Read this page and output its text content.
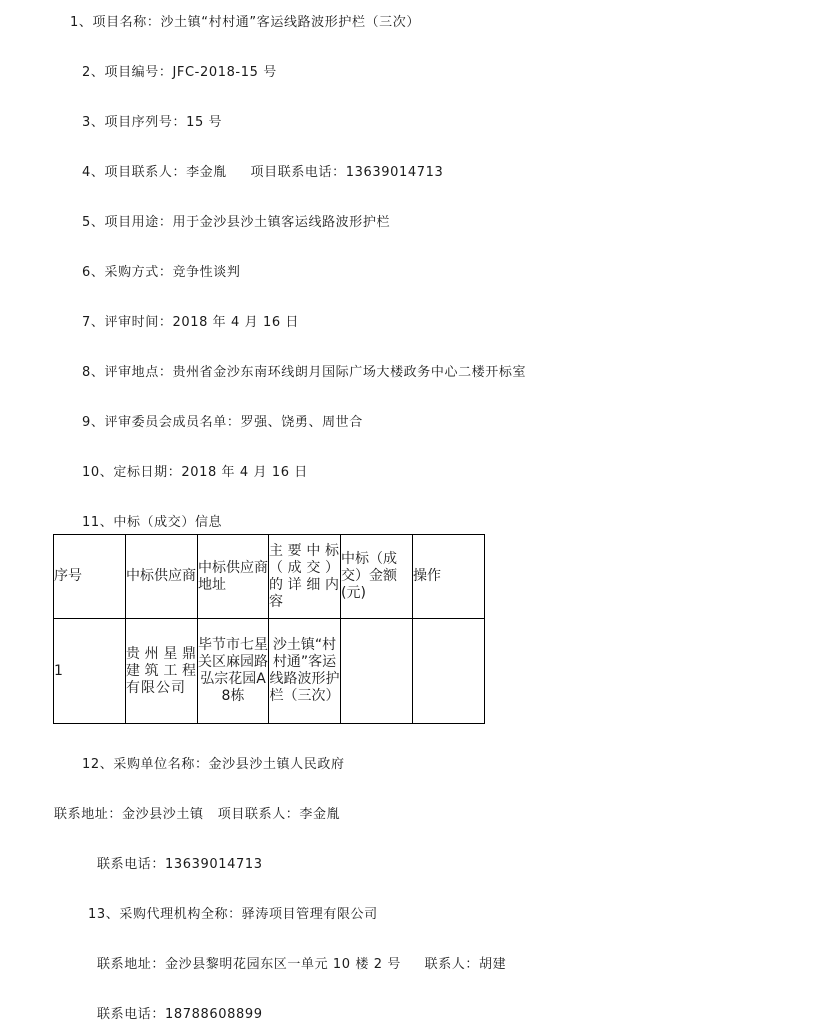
1、项目名称：沙土镇“村村通”客运线路波形护栏（三次）
2、项目编号：JFC-2018-15 号
3、项目序列号：15 号
4、项目联系人：李金胤     项目联系电话：13639014713
5、项目用途：用于金沙县沙土镇客运线路波形护栏
6、采购方式：竞争性谈判
7、评审时间：2018 年 4 月 16 日
8、评审地点：贵州省金沙东南环线朗月国际广场大楼政务中心二楼开标室
9、评审委员会成员名单：罗强、饶勇、周世合
10、定标日期：2018 年 4 月 16 日
11、中标（成交）信息
序号	中标供应商	中标供应商地址	主要中标（成交）的详细内容	中标（成交）金额(元)	操作
1	贵州星鼎建筑工程有限公司	毕节市七星关区麻园路弘宗花园A8栋	沙土镇“村村通”客运线路波形护栏（三次）		
12、采购单位名称：金沙县沙土镇人民政府
联系地址：金沙县沙土镇   项目联系人：李金胤
联系电话：13639014713
13、采购代理机构全称：驿涛项目管理有限公司
联系地址：金沙县黎明花园东区一单元 10 楼 2 号     联系人：胡建
联系电话：18788608899
